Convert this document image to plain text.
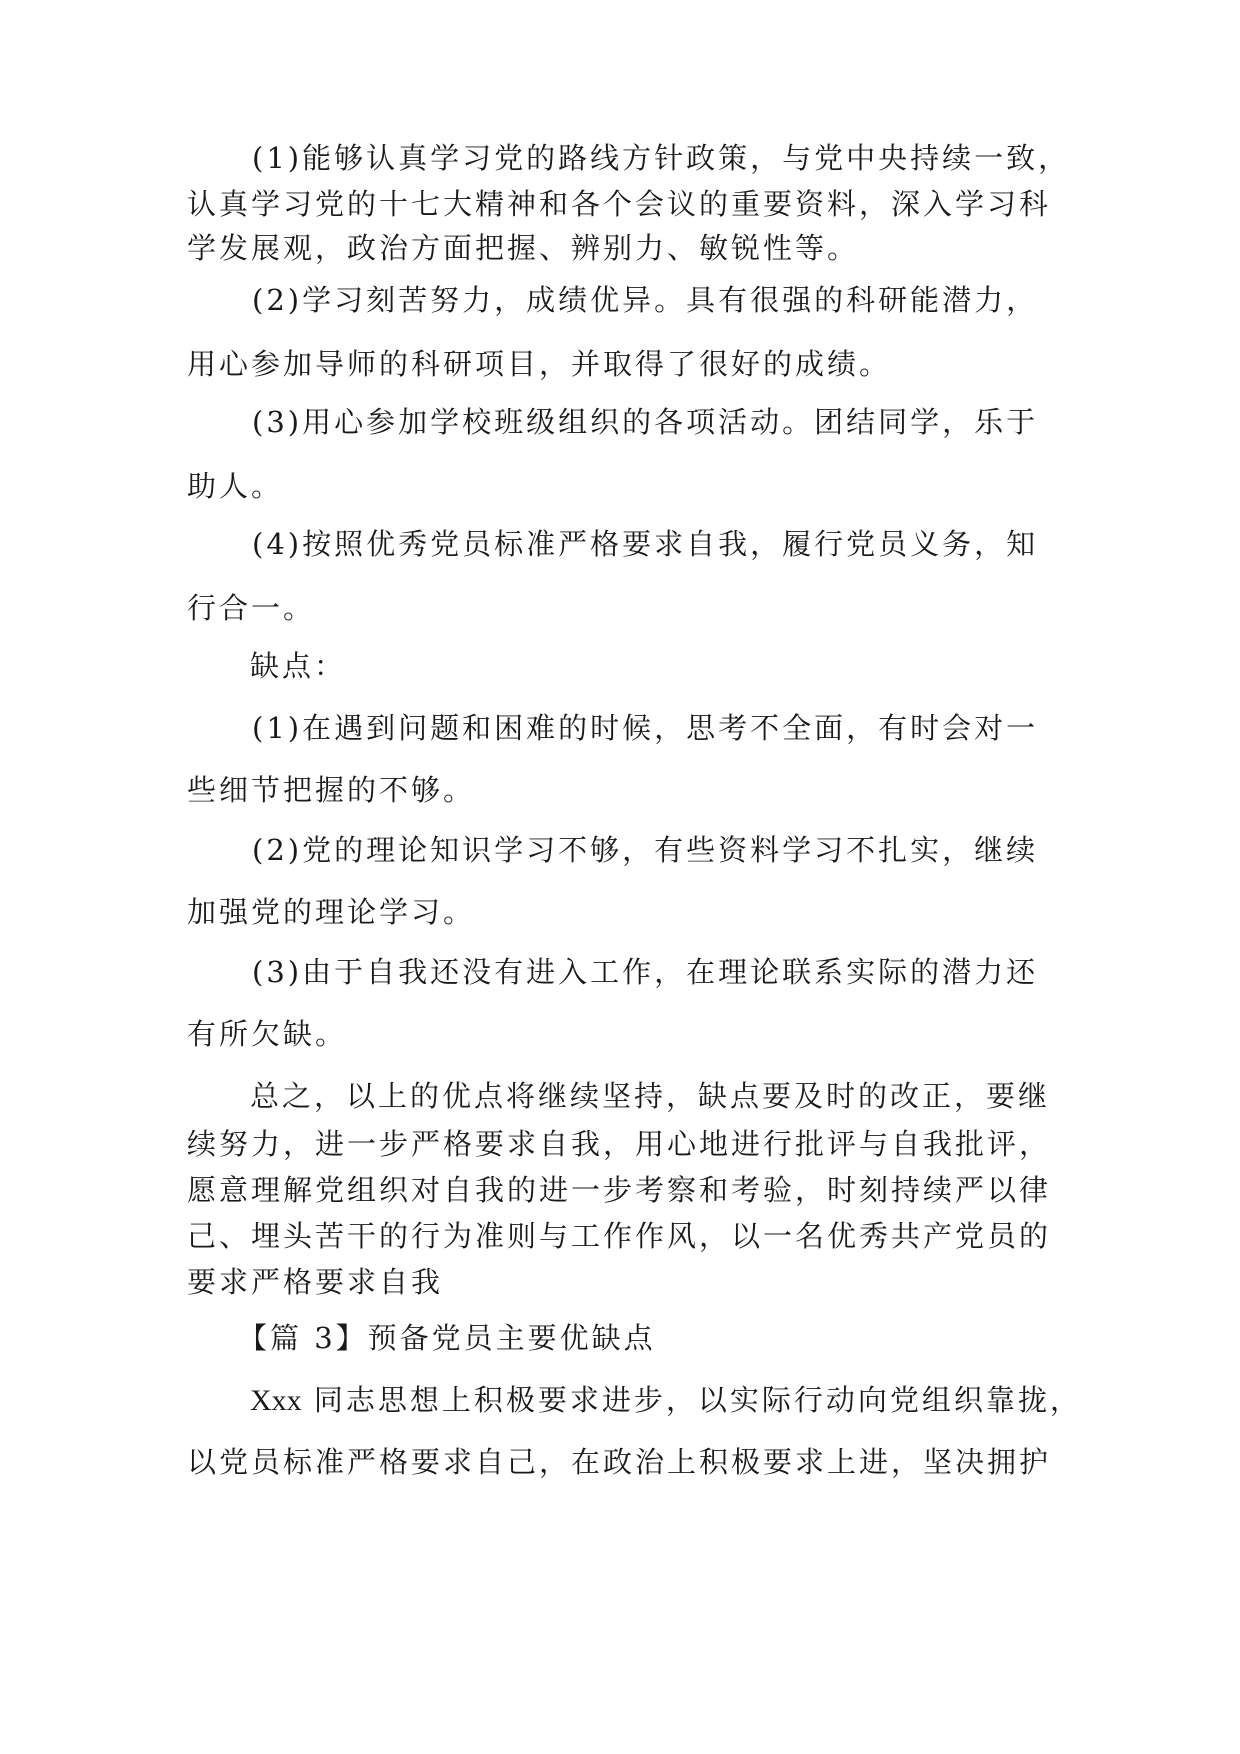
(1)能够认真学习党的路线方针政策，与党中央持续一致，
认真学习党的十七大精神和各个会议的重要资料，深入学习科
学发展观，政治方面把握、辨别力、敏锐性等。
(2)学习刻苦努力，成绩优异。具有很强的科研能潜力，
用心参加导师的科研项目，并取得了很好的成绩。
(3)用心参加学校班级组织的各项活动。团结同学，乐于
助人。
(4)按照优秀党员标准严格要求自我，履行党员义务，知
行合一。
缺点：
(1)在遇到问题和困难的时候，思考不全面，有时会对一
些细节把握的不够。
(2)党的理论知识学习不够，有些资料学习不扎实，继续
加强党的理论学习。
(3)由于自我还没有进入工作，在理论联系实际的潜力还
有所欠缺。
总之，以上的优点将继续坚持，缺点要及时的改正，要继
续努力，进一步严格要求自我，用心地进行批评与自我批评，
愿意理解党组织对自我的进一步考察和考验，时刻持续严以律
己、埋头苦干的行为准则与工作作风，以一名优秀共产党员的
要求严格要求自我
【篇 3】预备党员主要优缺点
Xxx 同志思想上积极要求进步，以实际行动向党组织靠拢，
以党员标准严格要求自己，在政治上积极要求上进，坚决拥护
